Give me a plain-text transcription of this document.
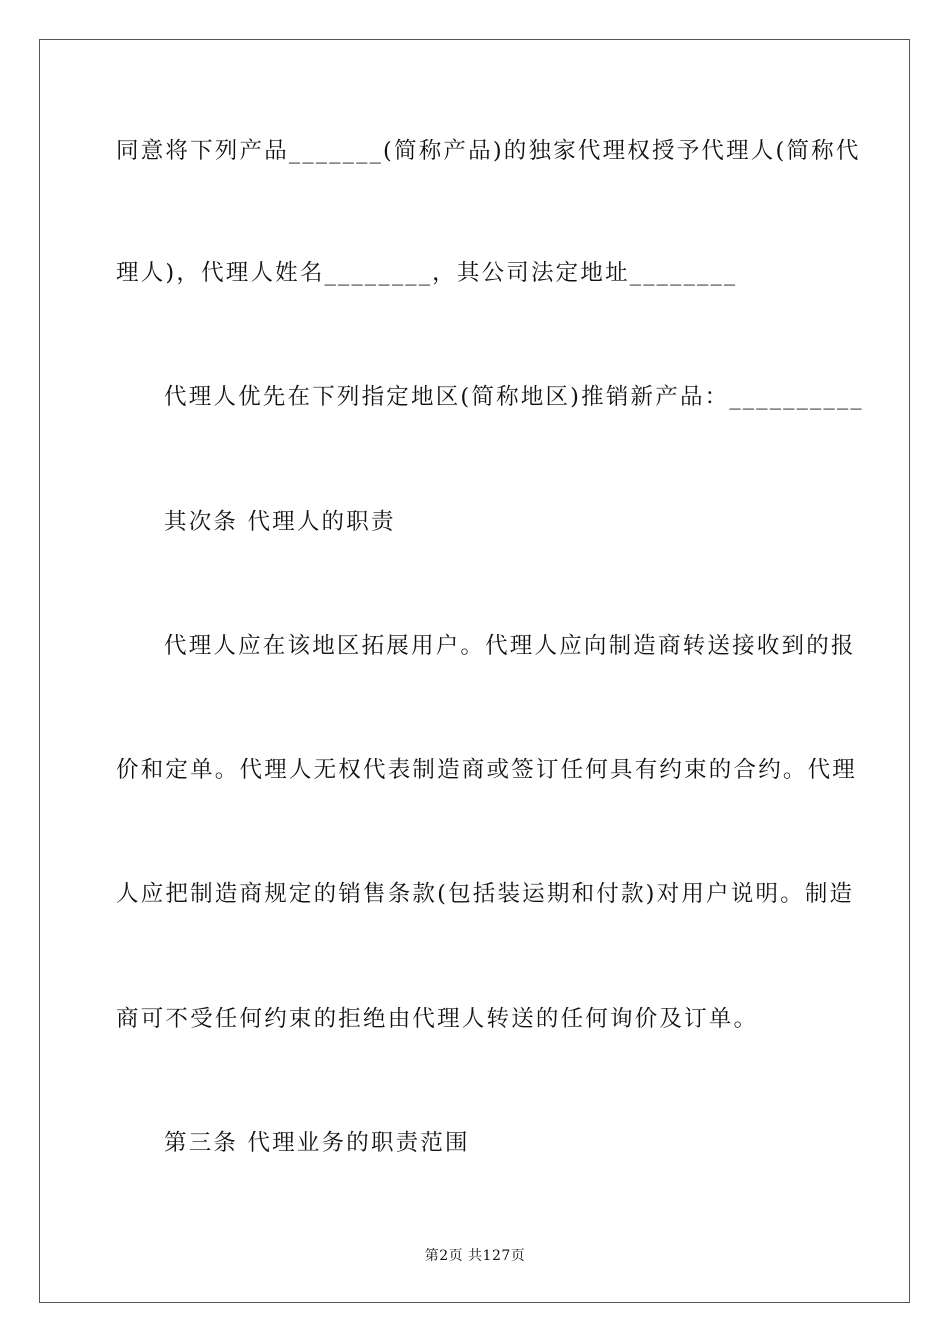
同意将下列产品_______(简称产品)的独家代理权授予代理人(简称代
理人)，代理人姓名________，其公司法定地址________
代理人优先在下列指定地区(简称地区)推销新产品：__________
其次条 代理人的职责
代理人应在该地区拓展用户。代理人应向制造商转送接收到的报
价和定单。代理人无权代表制造商或签订任何具有约束的合约。代理
人应把制造商规定的销售条款(包括装运期和付款)对用户说明。制造
商可不受任何约束的拒绝由代理人转送的任何询价及订单。
第三条 代理业务的职责范围
第2页 共127页
